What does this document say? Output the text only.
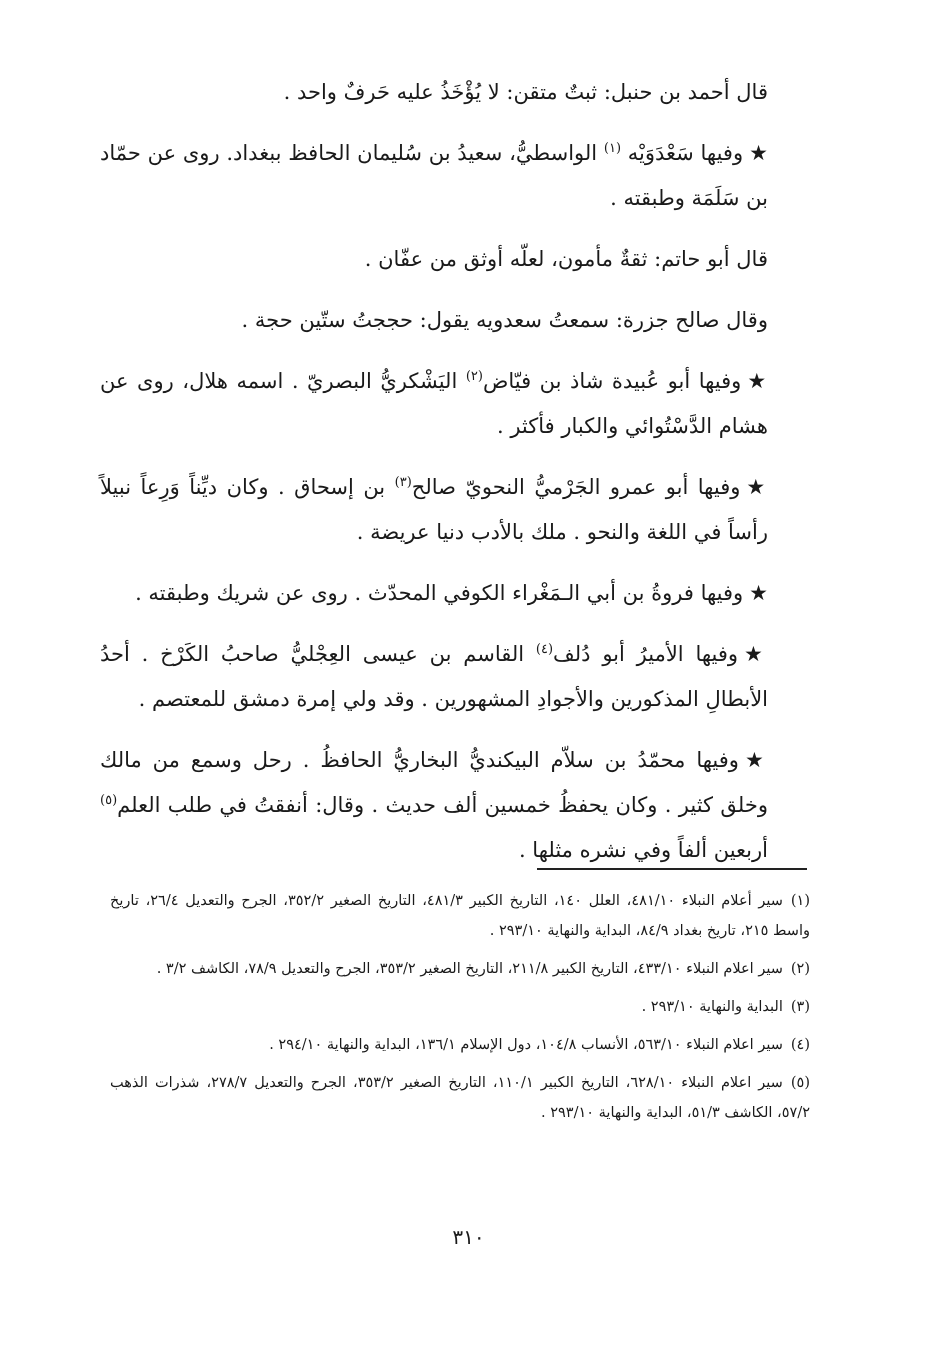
قال أحمد بن حنبل: ثبتٌ متقن: لا يُؤْخَذُ عليه حَرفٌ واحد .

★وفيها سَعْدَوَيْه $^{(١)}$ الواسطيُّ، سعيدُ بن سُليمان الحافظ ببغداد. روى عن حمّاد بن سَلَمَة وطبقته .

قال أبو حاتم: ثقةٌ مأمون، لعلّه أوثق من عفّان .

وقال صالح جزرة: سمعتُ سعدويه يقول: حججتُ ستّين حجة .

★وفيها أبو عُبيدة شاذ بن فيّاض$^{(٢)}$ اليَشْكريُّ البصريّ . اسمه هلال، روى عن هشام الدَّسْتُوائي والكبار فأكثر .

★وفيها أبو عمرو الجَرْميُّ النحويّ صالح$^{(٣)}$ بن إسحاق . وكان ديِّناً وَرِعاً نبيلاً رأساً في اللغة والنحو . ملك بالأدب دنيا عريضة .

★وفيها فروةُ بن أبي الـمَغْراء الكوفي المحدّث . روى عن شريك وطبقته .

★وفيها الأميرُ أبو دُلف$^{(٤)}$ القاسم بن عيسى العِجْليُّ صاحبُ الكَرْخ . أحدُ الأبطالِ المذكورين والأجوادِ المشهورين . وقد ولي إمرة دمشق للمعتصم .

★وفيها محمّدُ بن سلاّم البيكنديُّ البخاريُّ الحافظُ . رحل وسمع من مالك وخلق كثير . وكان يحفظُ خمسين ألف حديث . وقال: أنفقتُ في طلب العلم$^{(٥)}$ أربعين ألفاً وفي نشره مثلها .

(١)سير أعلام النبلاء ٤٨١/١٠، العلل ١٤٠، التاريخ الكبير ٤٨١/٣، التاريخ الصغير ٣٥٢/٢، الجرح والتعديل ٢٦/٤، تاريخ واسط ٢١٥، تاريخ بغداد ٨٤/٩، البداية والنهاية ٢٩٣/١٠ .

(٢)سير اعلام النبلاء ٤٣٣/١٠، التاريخ الكبير ٢١١/٨، التاريخ الصغير ٣٥٣/٢، الجرح والتعديل ٧٨/٩، الكاشف ٣/٢ .

(٣)البداية والنهاية ٢٩٣/١٠ .

(٤)سير اعلام النبلاء ٥٦٣/١٠، الأنساب ١٠٤/٨، دول الإسلام ١٣٦/١، البداية والنهاية ٢٩٤/١٠ .

(٥)سير اعلام النبلاء ٦٢٨/١٠، التاريخ الكبير ١١٠/١، التاريخ الصغير ٣٥٣/٢، الجرح والتعديل ٢٧٨/٧، شذرات الذهب ٥٧/٢، الكاشف ٥١/٣، البداية والنهاية ٢٩٣/١٠ .

٣١٠
